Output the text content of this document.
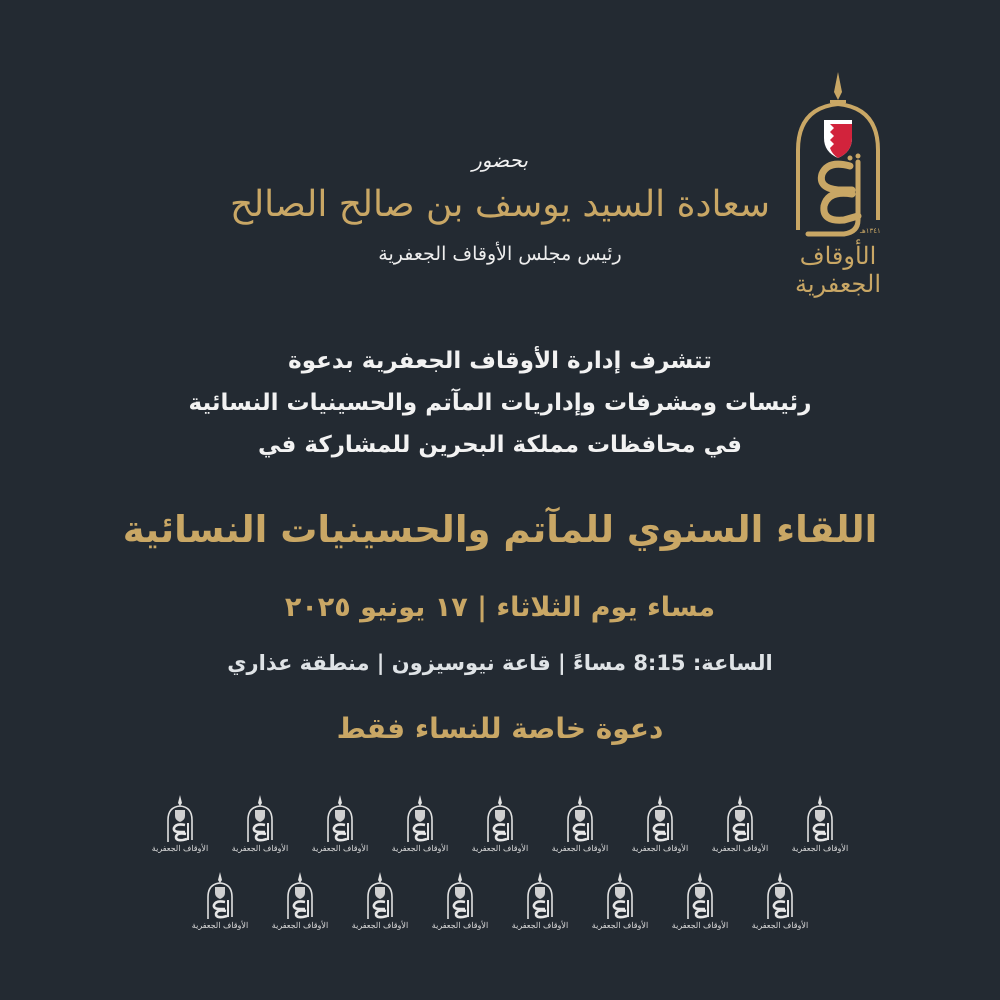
١٣٤١هـ
الأوقاف الجعفرية
بحضور
سعادة السيد يوسف بن صالح الصالح
رئيس مجلس الأوقاف الجعفرية
تتشرف إدارة الأوقاف الجعفرية بدعوة
رئيسات ومشرفات وإداريات المآتم والحسينيات النسائية
في محافظات مملكة البحرين للمشاركة في
اللقاء السنوي للمآتم والحسينيات النسائية
مساء يوم الثلاثاء | ١٧ يونيو ٢٠٢٥
الساعة: 8:15 مساءً | قاعة نيوسيزون | منطقة عذاري
دعوة خاصة للنساء فقط
الأوقاف الجعفرية	الأوقاف الجعفرية	الأوقاف الجعفرية	الأوقاف الجعفرية	الأوقاف الجعفرية	الأوقاف الجعفرية	الأوقاف الجعفرية	الأوقاف الجعفرية	الأوقاف الجعفرية
الأوقاف الجعفرية	الأوقاف الجعفرية	الأوقاف الجعفرية	الأوقاف الجعفرية	الأوقاف الجعفرية	الأوقاف الجعفرية	الأوقاف الجعفرية	الأوقاف الجعفرية
